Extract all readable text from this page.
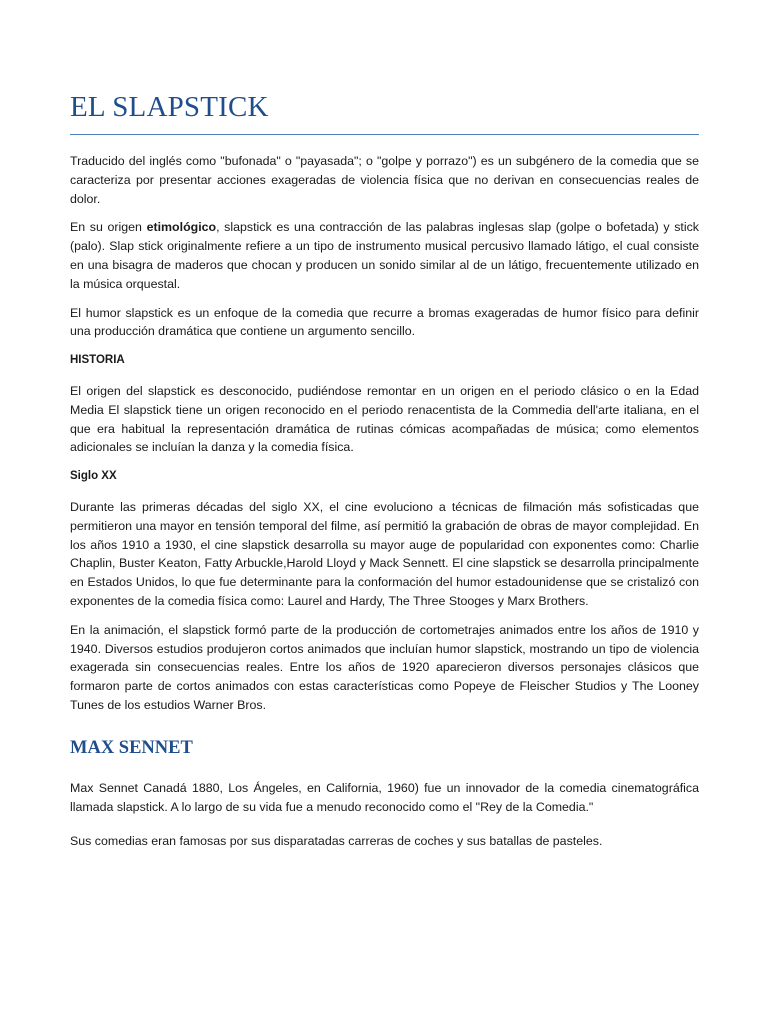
EL SLAPSTICK

Traducido del inglés como "bufonada" o "payasada"; o "golpe y porrazo") es un subgénero de la comedia que se caracteriza por presentar acciones exageradas de violencia física que no derivan en consecuencias reales de dolor.

En su origen etimológico, slapstick es una contracción de las palabras inglesas slap (golpe o bofetada) y stick (palo). Slap stick originalmente refiere a un tipo de instrumento musical percusivo llamado látigo, el cual consiste en una bisagra de maderos que chocan y producen un sonido similar al de un látigo, frecuentemente utilizado en la música orquestal.

El humor slapstick es un enfoque de la comedia que recurre a bromas exageradas de humor físico para definir una producción dramática que contiene un argumento sencillo.

HISTORIA

El origen del slapstick es desconocido, pudiéndose remontar en un origen en el periodo clásico o en la Edad Media El slapstick tiene un origen reconocido en el periodo renacentista de la Commedia dell'arte italiana, en el que era habitual la representación dramática de rutinas cómicas acompañadas de música; como elementos adicionales se incluían la danza y la comedia física.

Siglo XX

Durante las primeras décadas del siglo XX, el cine evoluciono a técnicas de filmación más sofisticadas que permitieron una mayor en tensión temporal del filme, así permitió la grabación de obras de mayor complejidad. En los años 1910 a 1930, el cine slapstick desarrolla su mayor auge de popularidad con exponentes como: Charlie Chaplin, Buster Keaton, Fatty Arbuckle,Harold Lloyd y Mack Sennett. El cine slapstick se desarrolla principalmente en Estados Unidos, lo que fue determinante para la conformación del humor estadounidense que se cristalizó con exponentes de la comedia física como: Laurel and Hardy, The Three Stooges y Marx Brothers.

En la animación, el slapstick formó parte de la producción de cortometrajes animados entre los años de 1910 y 1940. Diversos estudios produjeron cortos animados que incluían humor slapstick, mostrando un tipo de violencia exagerada sin consecuencias reales. Entre los años de 1920 aparecieron diversos personajes clásicos que formaron parte de cortos animados con estas características como Popeye de Fleischer Studios y The Looney Tunes de los estudios Warner Bros.

MAX SENNET

Max Sennet Canadá 1880, Los Ángeles, en California, 1960) fue un innovador de la comedia cinematográfica llamada slapstick. A lo largo de su vida fue a menudo reconocido como el "Rey de la Comedia."

Sus comedias eran famosas por sus disparatadas carreras de coches y sus batallas de pasteles.
